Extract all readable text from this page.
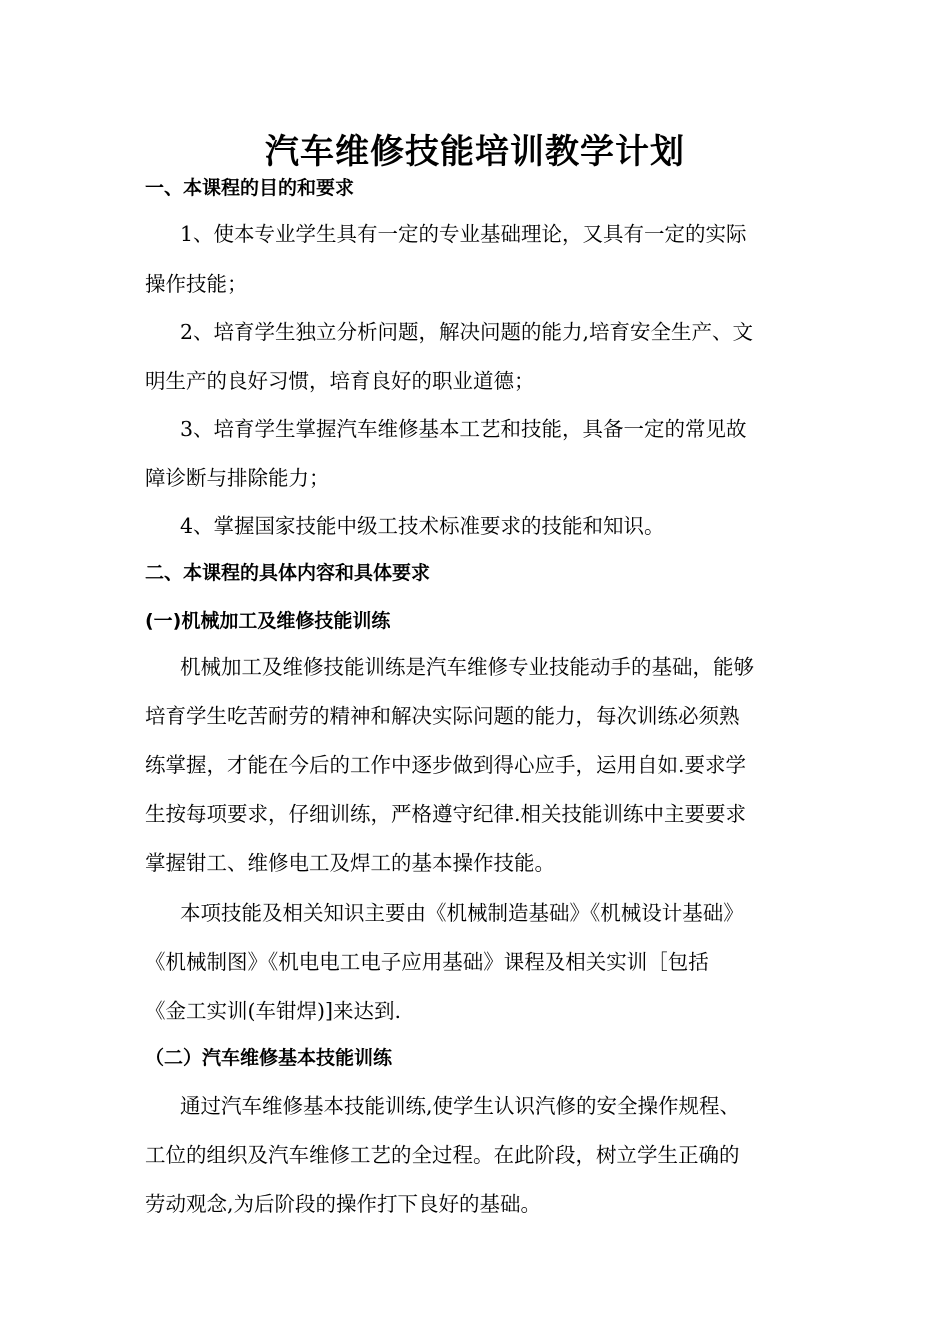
汽车维修技能培训教学计划

一、本课程的目的和要求

1、使本专业学生具有一定的专业基础理论，又具有一定的实际

操作技能；

2、培育学生独立分析问题，解决问题的能力,培育安全生产、文

明生产的良好习惯，培育良好的职业道德；

3、培育学生掌握汽车维修基本工艺和技能，具备一定的常见故

障诊断与排除能力；

4、掌握国家技能中级工技术标准要求的技能和知识。

二、本课程的具体内容和具体要求

(一)机械加工及维修技能训练

机械加工及维修技能训练是汽车维修专业技能动手的基础，能够

培育学生吃苦耐劳的精神和解决实际问题的能力，每次训练必须熟

练掌握，才能在今后的工作中逐步做到得心应手，运用自如.要求学

生按每项要求，仔细训练，严格遵守纪律.相关技能训练中主要要求

掌握钳工、维修电工及焊工的基本操作技能。

本项技能及相关知识主要由《机械制造基础》《机械设计基础》

《机械制图》《机电电工电子应用基础》课程及相关实训［包括

《金工实训(车钳焊)]来达到.

（二）汽车维修基本技能训练

通过汽车维修基本技能训练,使学生认识汽修的安全操作规程、

工位的组织及汽车维修工艺的全过程。在此阶段，树立学生正确的

劳动观念,为后阶段的操作打下良好的基础。
